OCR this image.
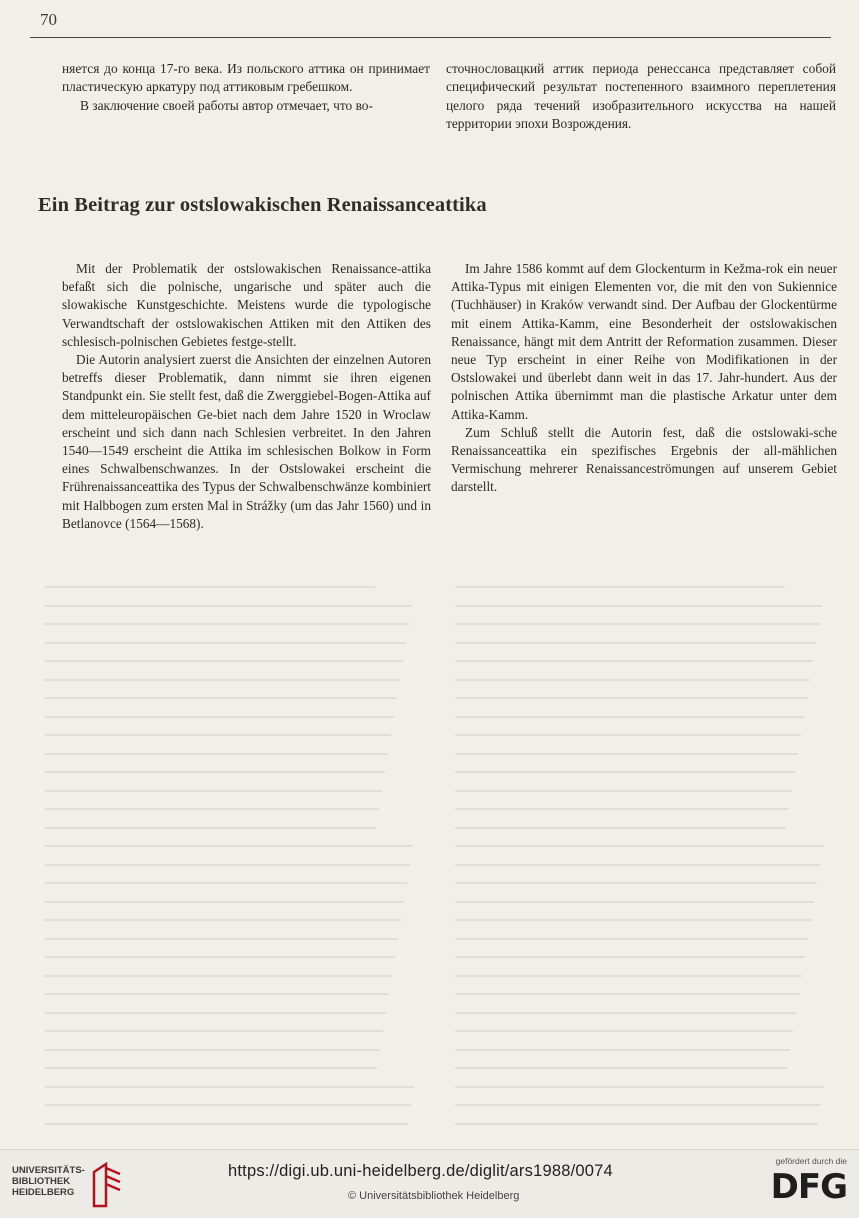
70

няется до конца 17-го века. Из польского аттика он принимает пластическую аркатуру под аттиковым гребешком.

В заключение своей работы автор отмечает, что во-

сточнословацкий аттик периода ренессанса представляет собой специфический результат постепенного взаимного переплетения целого ряда течений изобразительного искусства на нашей территории эпохи Возрождения.

Ein Beitrag zur ostslowakischen Renaissanceattika

Mit der Problematik der ostslowakischen Renaissance-attika befaßt sich die polnische, ungarische und später auch die slowakische Kunstgeschichte. Meistens wurde die typologische Verwandtschaft der ostslowakischen Attiken mit den Attiken des schlesisch-polnischen Gebietes festge-stellt.

Die Autorin analysiert zuerst die Ansichten der einzelnen Autoren betreffs dieser Problematik, dann nimmt sie ihren eigenen Standpunkt ein. Sie stellt fest, daß die Zwerggiebel-Bogen-Attika auf dem mitteleuropäischen Ge-biet nach dem Jahre 1520 in Wroclaw erscheint und sich dann nach Schlesien verbreitet. In den Jahren 1540—1549 erscheint die Attika im schlesischen Bolkow in Form eines Schwalbenschwanzes. In der Ostslowakei erscheint die Frührenaissanceattika des Typus der Schwalbenschwänze kombiniert mit Halbbogen zum ersten Mal in Strážky (um das Jahr 1560) und in Betlanovce (1564—1568).

Im Jahre 1586 kommt auf dem Glockenturm in Kežma-rok ein neuer Attika-Typus mit einigen Elementen vor, die mit den von Sukiennice (Tuchhäuser) in Kraków verwandt sind. Der Aufbau der Glockentürme mit einem Attika-Kamm, eine Besonderheit der ostslowakischen Renaissance, hängt mit dem Antritt der Reformation zusammen. Dieser neue Typ erscheint in einer Reihe von Modifikationen in der Ostslowakei und überlebt dann weit in das 17. Jahr-hundert. Aus der polnischen Attika übernimmt man die plastische Arkatur unter dem Attika-Kamm.

Zum Schluß stellt die Autorin fest, daß die ostslowaki-sche Renaissanceattika ein spezifisches Ergebnis der all-mählichen Vermischung mehrerer Renaissanceströmungen auf unserem Gebiet darstellt.

UNIVERSITÄTS-
BIBLIOTHEK
HEIDELBERG
https://digi.ub.uni-heidelberg.de/diglit/ars1988/0074
© Universitätsbibliothek Heidelberg
gefördert durch die
DFG
